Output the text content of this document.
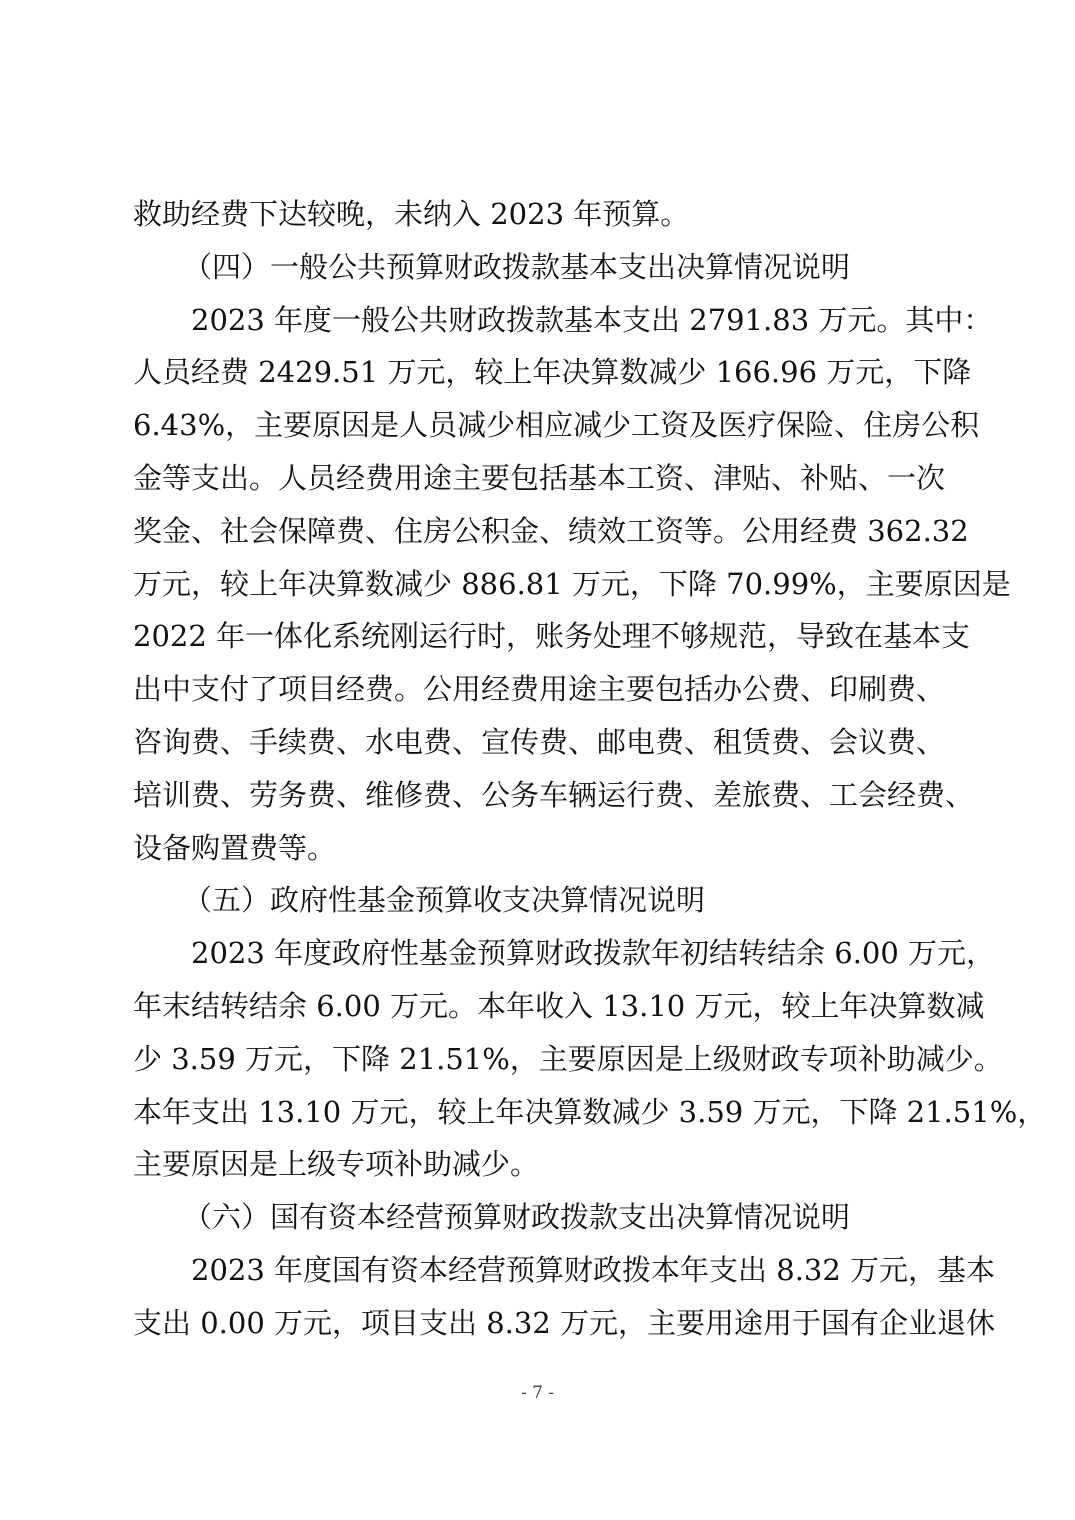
救助经费下达较晚，未纳入 2023 年预算。
（四）一般公共预算财政拨款基本支出决算情况说明
2023 年度一般公共财政拨款基本支出 2791.83 万元。其中：
人员经费 2429.51 万元，较上年决算数减少 166.96 万元，下降
6.43%，主要原因是人员减少相应减少工资及医疗保险、住房公积
金等支出。人员经费用途主要包括基本工资、津贴、补贴、一次
奖金、社会保障费、住房公积金、绩效工资等。公用经费 362.32
万元，较上年决算数减少 886.81 万元，下降 70.99%，主要原因是
2022 年一体化系统刚运行时，账务处理不够规范，导致在基本支
出中支付了项目经费。公用经费用途主要包括办公费、印刷费、
咨询费、手续费、水电费、宣传费、邮电费、租赁费、会议费、
培训费、劳务费、维修费、公务车辆运行费、差旅费、工会经费、
设备购置费等。
（五）政府性基金预算收支决算情况说明
2023 年度政府性基金预算财政拨款年初结转结余 6.00 万元，
年末结转结余 6.00 万元。本年收入 13.10 万元，较上年决算数减
少 3.59 万元，下降 21.51%，主要原因是上级财政专项补助减少。
本年支出 13.10 万元，较上年决算数减少 3.59 万元，下降 21.51%，
主要原因是上级专项补助减少。
（六）国有资本经营预算财政拨款支出决算情况说明
2023 年度国有资本经营预算财政拨本年支出 8.32 万元，基本
支出 0.00 万元，项目支出 8.32 万元，主要用途用于国有企业退休
- 7 -
